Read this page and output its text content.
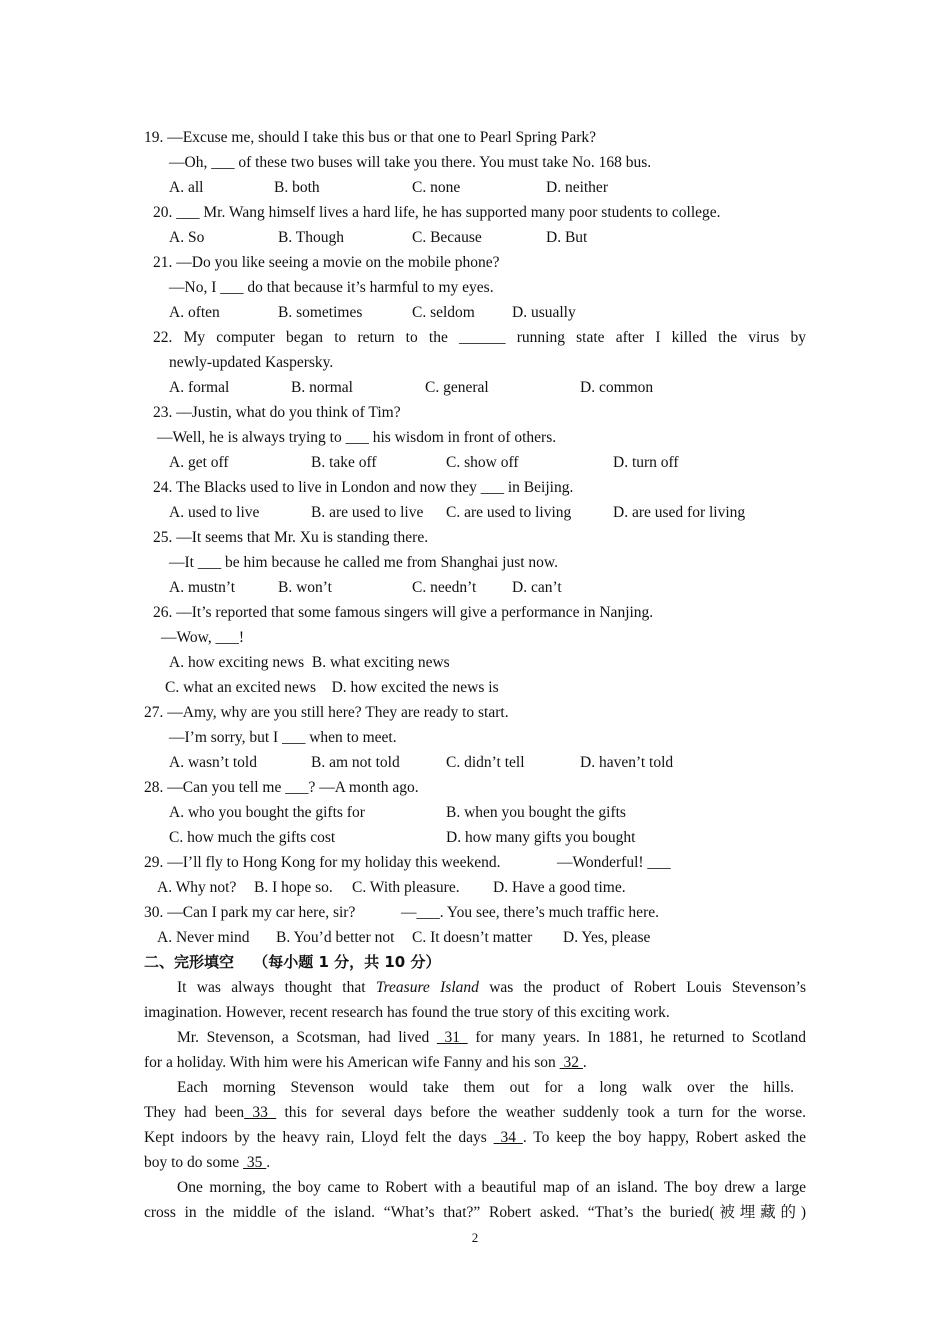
19. —Excuse me, should I take this bus or that one to Pearl Spring Park?
—Oh, ___ of these two buses will take you there. You must take No. 168 bus.
A. all	B. both	C. none	D. neither
20. ___ Mr. Wang himself lives a hard life, he has supported many poor students to college.
A. So	B. Though	C. Because	D. But
21. —Do you like seeing a movie on the mobile phone?
—No, I ___ do that because it’s harmful to my eyes.
A. often	B. sometimes	C. seldom D. usually
22. My computer began to return to the ______ running state after I killed the virus by
newly-updated Kaspersky.
A. formal	B. normal	C. general	D. common
23. —Justin, what do you think of Tim?
—Well, he is always trying to ___ his wisdom in front of others.
A. get off	B. take off	C. show off	D. turn off
24. The Blacks used to live in London and now they ___ in Beijing.
A. used to live	B. are used to live C. are used to living	D. are used for living
25. —It seems that Mr. Xu is standing there.
—It ___ be him because he called me from Shanghai just now.
A. mustn’t	B. won’t	C. needn’t D. can’t
26. —It’s reported that some famous singers will give a performance in Nanjing.
—Wow, ___!
A. how exciting news  B. what exciting news
C. what an excited news    D. how excited the news is
27. —Amy, why are you still here? They are ready to start.
—I’m sorry, but I ___ when to meet.
A. wasn’t told	B. am not told	C. didn’t tell	D. haven’t told
28. —Can you tell me ___? —A month ago.
A. who you bought the gifts for	B. when you bought the gifts
C. how much the gifts cost	D. how many gifts you bought
29. —I’ll fly to Hong Kong for my holiday this weekend.	—Wonderful! ___
A. Why not? B. I hope so. C. With pleasure. D. Have a good time.
30. —Can I park my car here, sir?	—___. You see, there’s much traffic here.
A. Never mind B. You’d better not C. It doesn’t matter D. Yes, please
二、完形填空 （每小题 1 分，共 10 分）
It was always thought that Treasure Island was the product of Robert Louis Stevenson’s
imagination. However, recent research has found the true story of this exciting work.
Mr. Stevenson, a Scotsman, had lived  31  for many years. In 1881, he returned to Scotland
for a holiday. With him were his American wife Fanny and his son  32 .
Each morning Stevenson would take them out for a long walk over the hills.
They had been 33  this for several days before the weather suddenly took a turn for the worse.
Kept indoors by the heavy rain, Lloyd felt the days  34 . To keep the boy happy, Robert asked the
boy to do some  35 .
One morning, the boy came to Robert with a beautiful map of an island. The boy drew a large
cross in the middle of the island. “What’s that?” Robert asked. “That’s the buried(被埋藏的)
2
